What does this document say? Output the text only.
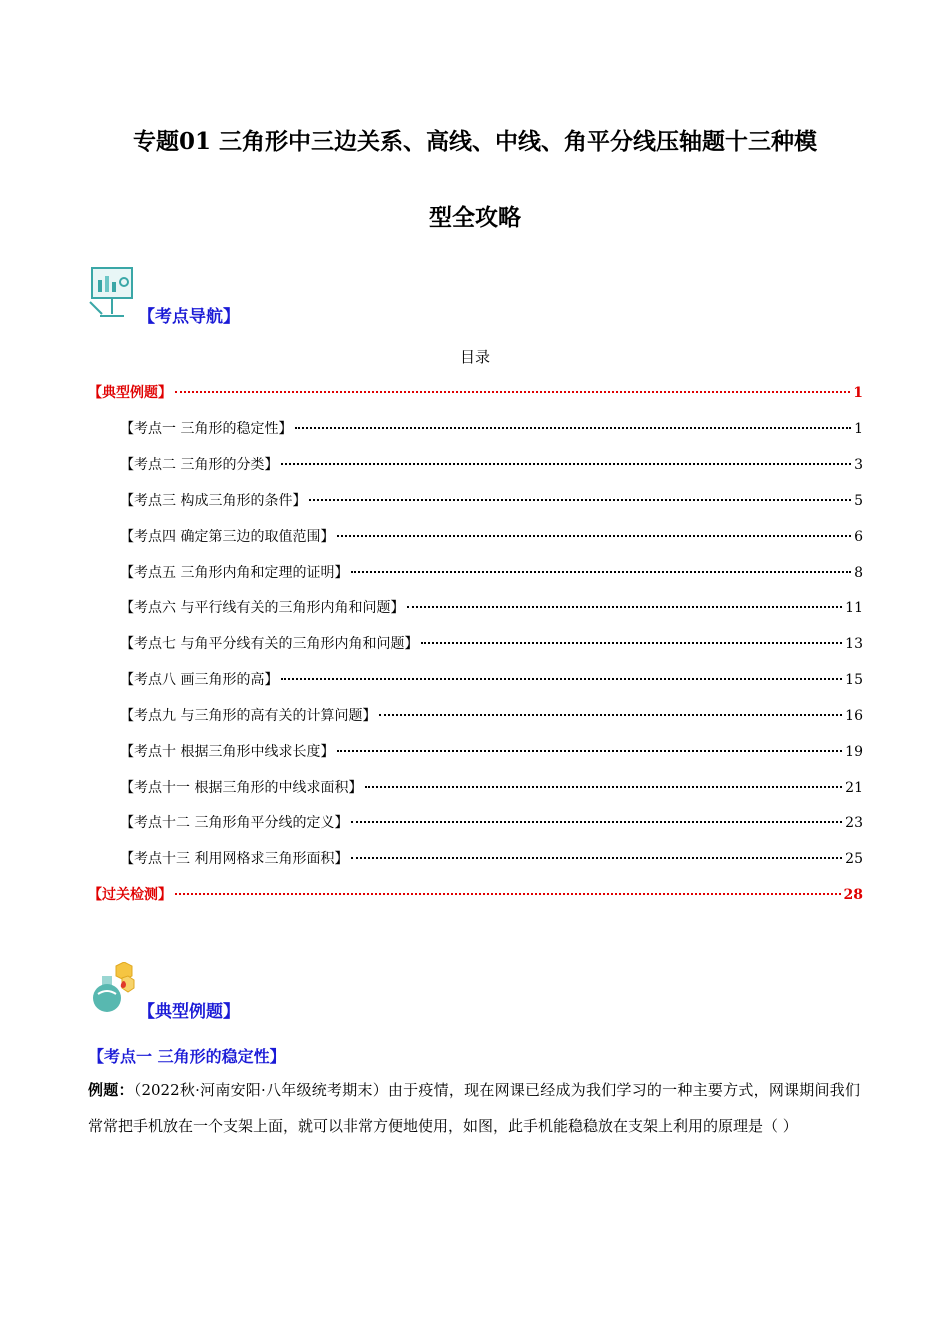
专题01 三角形中三边关系、高线、中线、角平分线压轴题十三种模
型全攻略
【考点导航】
目录
【典型例题】	1
【考点一 三角形的稳定性】	1
【考点二 三角形的分类】	3
【考点三 构成三角形的条件】	5
【考点四 确定第三边的取值范围】	6
【考点五 三角形内角和定理的证明】	8
【考点六 与平行线有关的三角形内角和问题】	11
【考点七 与角平分线有关的三角形内角和问题】	13
【考点八 画三角形的高】	15
【考点九 与三角形的高有关的计算问题】	16
【考点十 根据三角形中线求长度】	19
【考点十一 根据三角形的中线求面积】	21
【考点十二 三角形角平分线的定义】	23
【考点十三 利用网格求三角形面积】	25
【过关检测】	28
【典型例题】
【考点一 三角形的稳定性】
例题：（2022秋·河南安阳·八年级统考期末）由于疫情，现在网课已经成为我们学习的一种主要方式，网课期间我们常常把手机放在一个支架上面，就可以非常方便地使用，如图，此手机能稳稳放在支架上利用的原理是（ ）
